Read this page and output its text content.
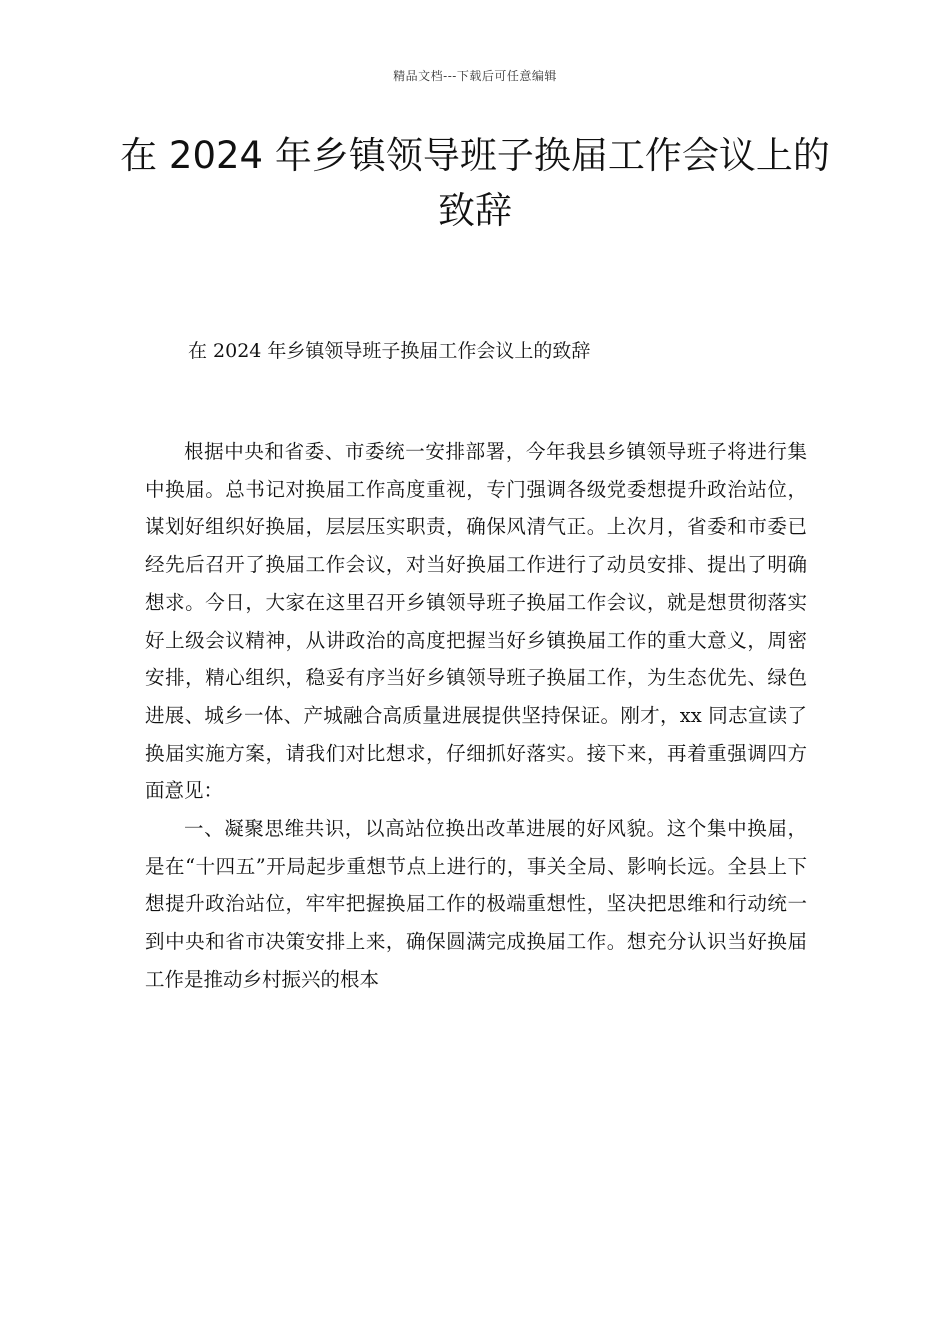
精品文档---下载后可任意编辑
在 2024 年乡镇领导班子换届工作会议上的致辞

在 2024 年乡镇领导班子换届工作会议上的致辞

根据中央和省委、市委统一安排部署，今年我县乡镇领导班子将进行集中换届。总书记对换届工作高度重视，专门强调各级党委想提升政治站位，谋划好组织好换届，层层压实职责，确保风清气正。上次月，省委和市委已经先后召开了换届工作会议，对当好换届工作进行了动员安排、提出了明确想求。今日，大家在这里召开乡镇领导班子换届工作会议，就是想贯彻落实好上级会议精神，从讲政治的高度把握当好乡镇换届工作的重大意义，周密安排，精心组织，稳妥有序当好乡镇领导班子换届工作，为生态优先、绿色进展、城乡一体、产城融合高质量进展提供坚持保证。刚才，xx 同志宣读了换届实施方案，请我们对比想求，仔细抓好落实。接下来，再着重强调四方面意见：

一、凝聚思维共识，以高站位换出改革进展的好风貌。这个集中换届，是在“十四五”开局起步重想节点上进行的，事关全局、影响长远。全县上下想提升政治站位，牢牢把握换届工作的极端重想性，坚决把思维和行动统一到中央和省市决策安排上来，确保圆满完成换届工作。想充分认识当好换届工作是推动乡村振兴的根本
